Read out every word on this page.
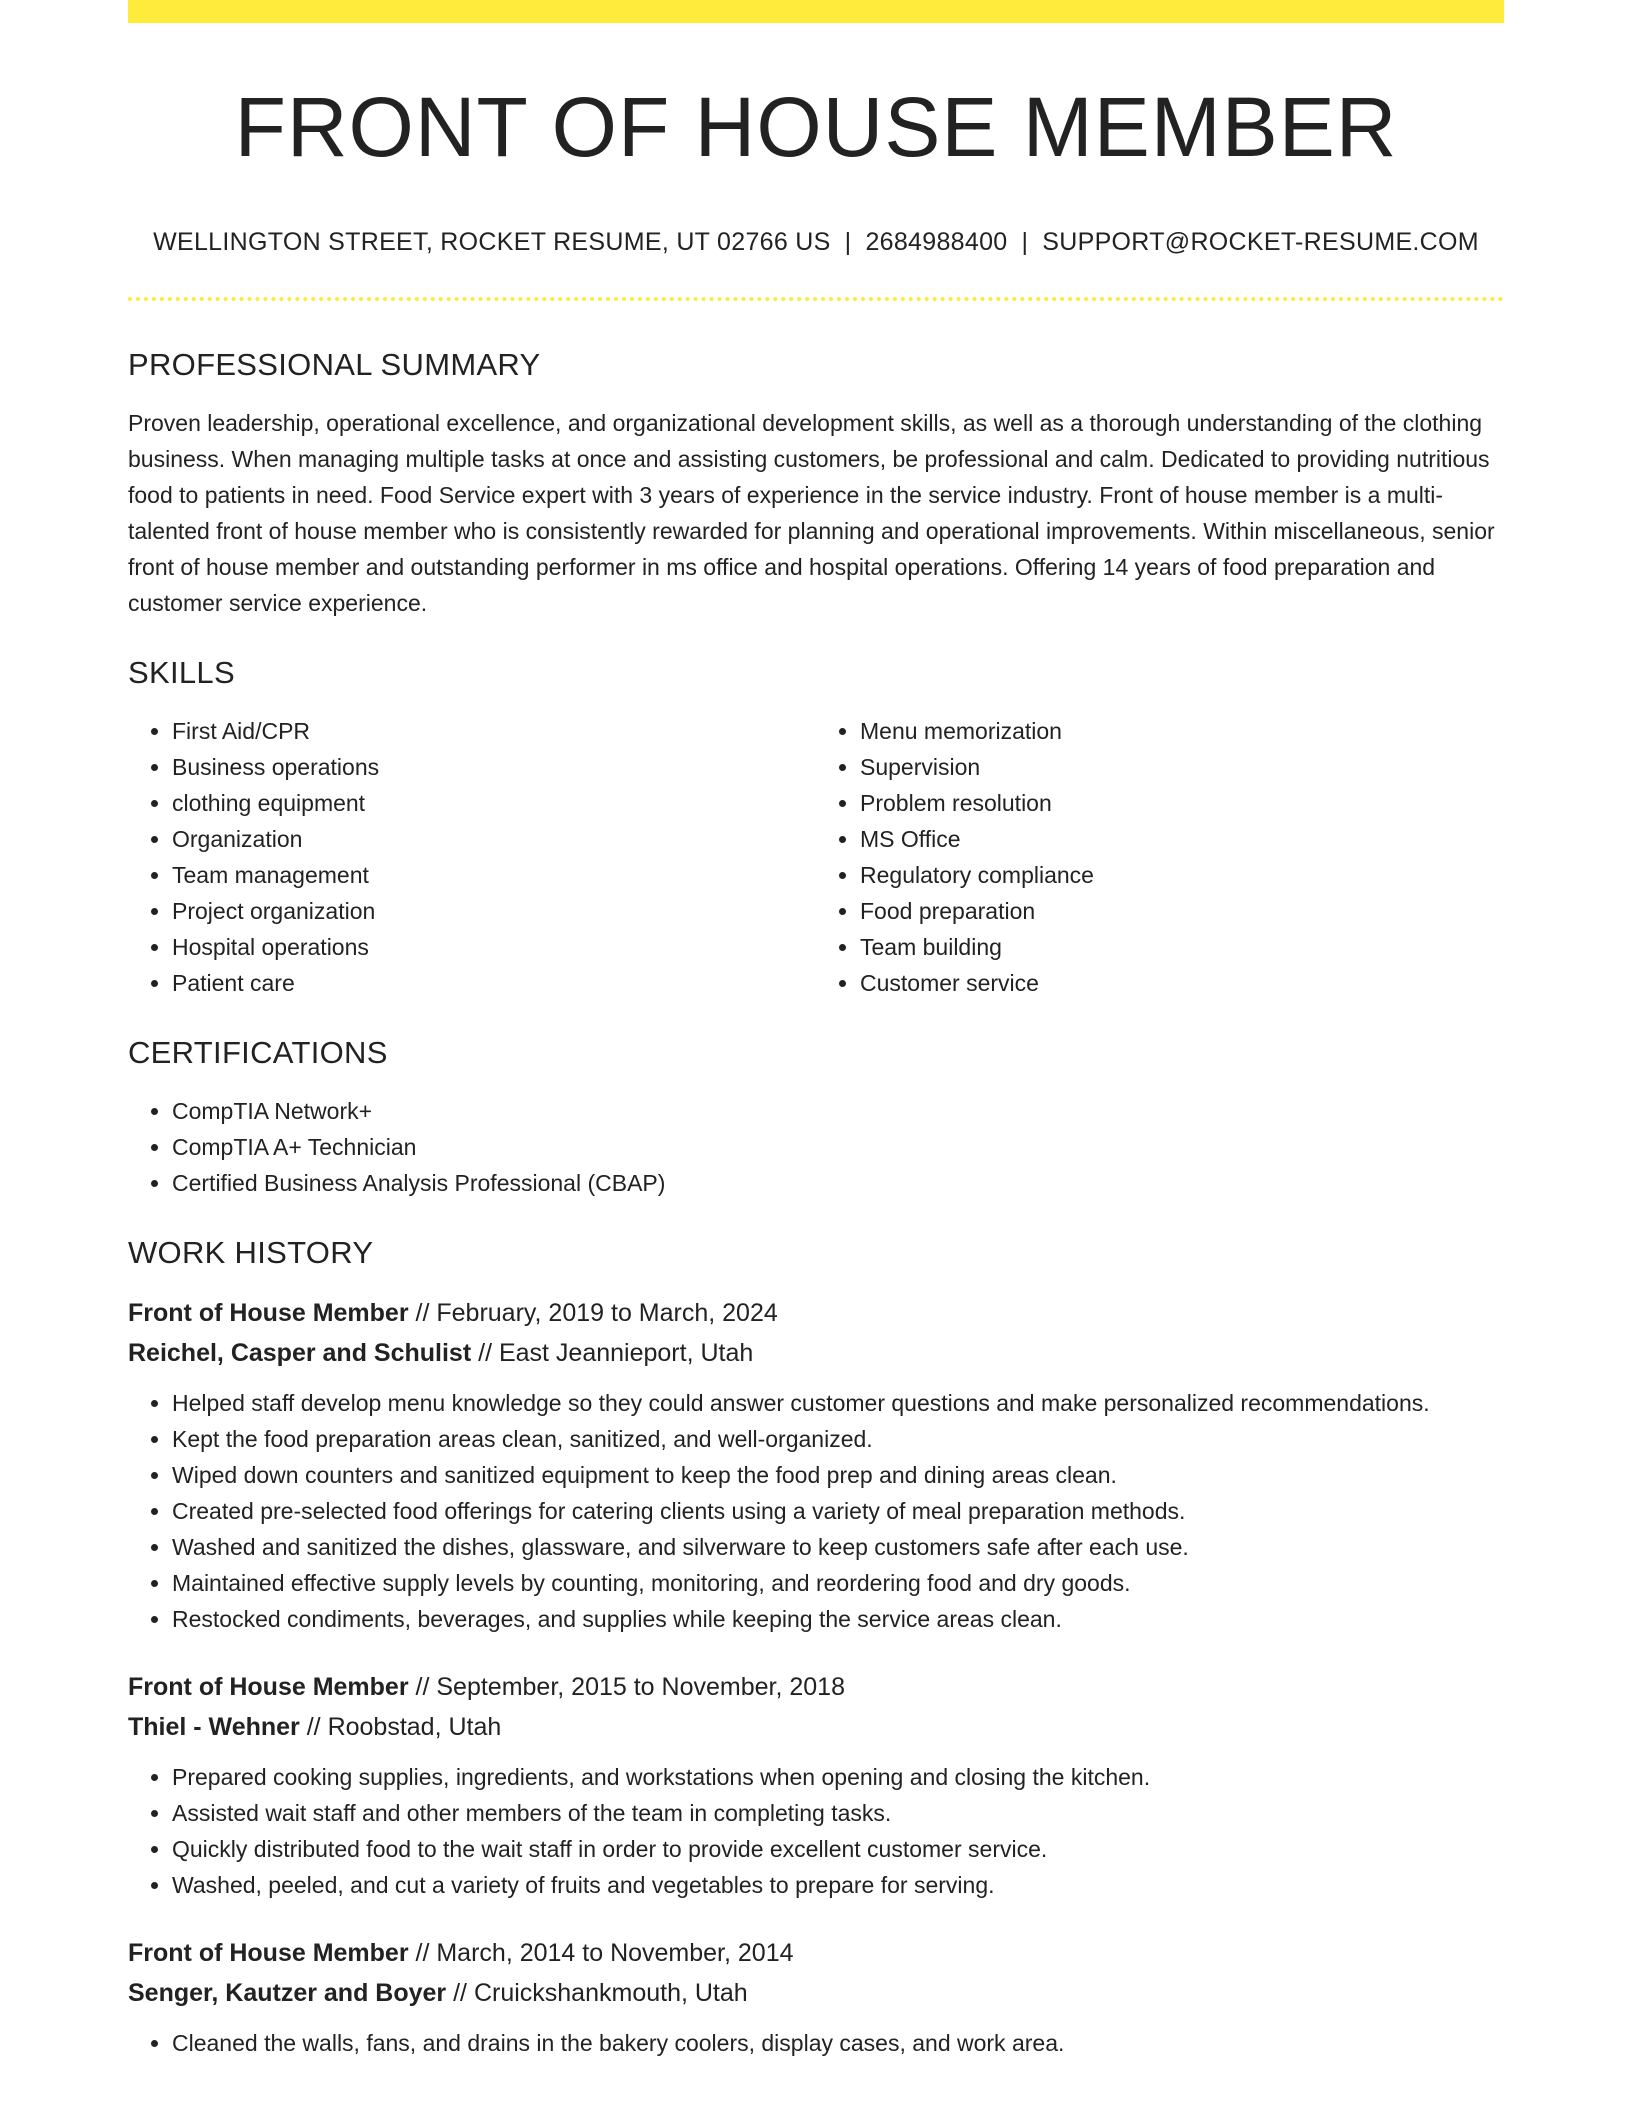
FRONT OF HOUSE MEMBER
WELLINGTON STREET, ROCKET RESUME, UT 02766 US | 2684988400 | SUPPORT@ROCKET-RESUME.COM
PROFESSIONAL SUMMARY

Proven leadership, operational excellence, and organizational development skills, as well as a thorough understanding of the clothing business. When managing multiple tasks at once and assisting customers, be professional and calm. Dedicated to providing nutritious food to patients in need. Food Service expert with 3 years of experience in the service industry. Front of house member is a multi-talented front of house member who is consistently rewarded for planning and operational improvements. Within miscellaneous, senior front of house member and outstanding performer in ms office and hospital operations. Offering 14 years of food preparation and customer service experience.

SKILLS
• First Aid/CPR
• Business operations
• clothing equipment
• Organization
• Team management
• Project organization
• Hospital operations
• Patient care
• Menu memorization
• Supervision
• Problem resolution
• MS Office
• Regulatory compliance
• Food preparation
• Team building
• Customer service
CERTIFICATIONS
• CompTIA Network+
• CompTIA A+ Technician
• Certified Business Analysis Professional (CBAP)
WORK HISTORY
Front of House Member // February, 2019 to March, 2024
Reichel, Casper and Schulist // East Jeannieport, Utah
• Helped staff develop menu knowledge so they could answer customer questions and make personalized recommendations.
• Kept the food preparation areas clean, sanitized, and well-organized.
• Wiped down counters and sanitized equipment to keep the food prep and dining areas clean.
• Created pre-selected food offerings for catering clients using a variety of meal preparation methods.
• Washed and sanitized the dishes, glassware, and silverware to keep customers safe after each use.
• Maintained effective supply levels by counting, monitoring, and reordering food and dry goods.
• Restocked condiments, beverages, and supplies while keeping the service areas clean.
Front of House Member // September, 2015 to November, 2018
Thiel - Wehner // Roobstad, Utah
• Prepared cooking supplies, ingredients, and workstations when opening and closing the kitchen.
• Assisted wait staff and other members of the team in completing tasks.
• Quickly distributed food to the wait staff in order to provide excellent customer service.
• Washed, peeled, and cut a variety of fruits and vegetables to prepare for serving.
Front of House Member // March, 2014 to November, 2014
Senger, Kautzer and Boyer // Cruickshankmouth, Utah
• Cleaned the walls, fans, and drains in the bakery coolers, display cases, and work area.
